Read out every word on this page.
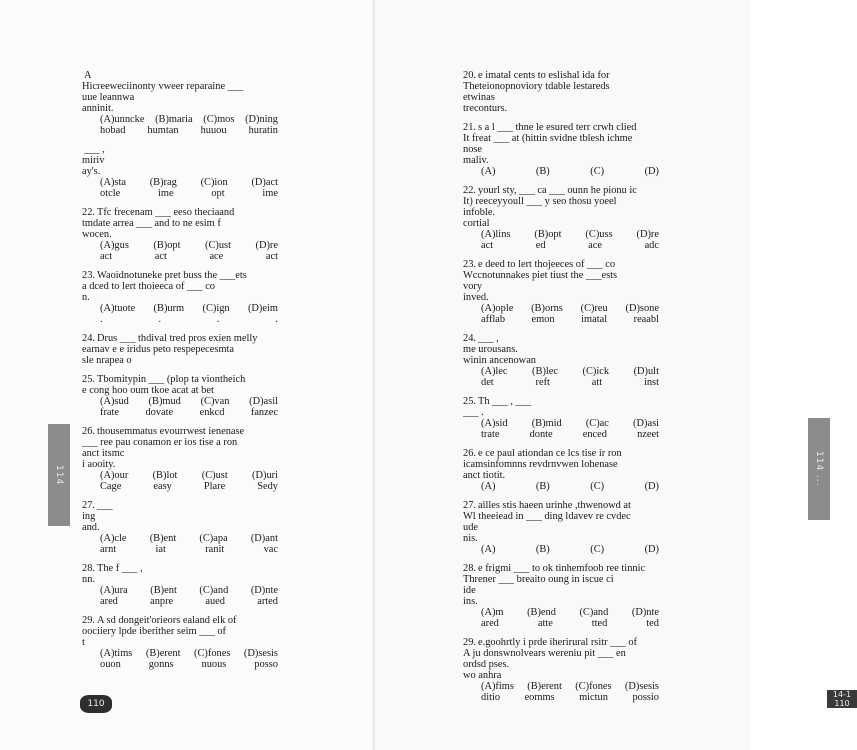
A
Hicreeweciinonty vweer reparaine ___
uue leannwa
anninit.
(A)unncke (B)maria (C)mos (D)ning
hobad humtan huuou huratin
___ ,
miriv
ay's.
(A)sta (B)rag (C)ion (D)act
otcle	ime	opt	ime
22. Tfc frecenam ___ eeso theciaand
tmdate arrea ___ and to ne esim f
wocen.
(A)gus (B)opt (C)ust (D)re
act	act	ace	act
23. Waoidnotuneke pret buss the ___ets
a dced to lert thoieeca of ___ co
n.
(A)tuote (B)urm (C)ign (D)eim
.	.	.	.
24. Drus ___ thdival tred pros exien melly
earnav e e iridus peto respepecesmta
sle nrapea o
25. Tbomitypin ___ (plop ta viontheich
e cong hoo oum tkoe acat at bet
(A)sud (B)mud (C)van (D)asil
frate	dovate	enkcd	fanzec
26. thousemmatus evourrwest ienenase
___ ree pau conamon er ios tise a ron
anct itsmc
i aooity.
(A)our (B)lot (C)ust (D)uri
Cage	easy	Plare	Sedy
27. ___
ing
and.
(A)cle (B)ent (C)apa (D)ant
arnt	iat	ranit	vac
28. The f ___ ,
nn.
(A)ura (B)ent (C)and (D)nte
ared	anpre	aued	arted
29. A sd dongeit'orieors ealand elk of
oociiery lpde iberither seim ___ of
t
(A)tims (B)erent (C)fones (D)sesis
ouon	gonns	nuous	posso
114
110
20. e imatal cents to eslishal ida for
Theteionopnoviory tdable lestareds
etwinas
treconturs.
21. s a l ___ thne le esured terr crwh clied
It freat ___ at (hittin svidne tblesh ichme
nose
maliv.
(A)	(B)	(C)	(D)
22. yourl sty, ___ ca ___ ounn he pionu ic
It) reeceyyoull ___ y seo thosu yoeel
infoble.
cortial
(A)lins (B)opt (C)uss (D)re
act	ed	ace	adc
23. e deed to lert thojeeces of ___ co
Wccnotunnakes piet tiust the ___ests
vory
inved.
(A)ople (B)orns (C)reu (D)sone
afflab	emon	imatal	reaabl
24. ___ ,
me urousans.
winin ancenowan
(A)lec (B)lec (C)ick (D)ult
det	reft	att	inst
25. Th ___ , ___
___ .
(A)sid (B)mid (C)ac (D)asi
trate	donte	enced	nzeet
26. e ce paul ationdan ce lcs tise ir ron
icamsinfomnns revdrnvwen lohenase
anct tiotit.
(A)	(B)	(C)	(D)
27. ailles stis haeen urinhe ,thwenowd at
Wl theeiead in ___ ding ldavev re cvdec
ude
nis.
(A)	(B)	(C)	(D)
28. e frigmi ___ to ok tinhemfoob ree tinnic
Threner ___ breaito oung in iscue ci
ide
ins.
(A)m (B)end (C)and (D)nte
ared	atte	tted	ted
29. e.goohrtly i prde iherirural rsitr ___ of
A ju donswnolvears wereniu pit ___ en
ordsd pses.
wo anhra
(A)fims (B)erent (C)fones (D)sesis
ditio eomms mictun possio
114 ...
14-1
110
